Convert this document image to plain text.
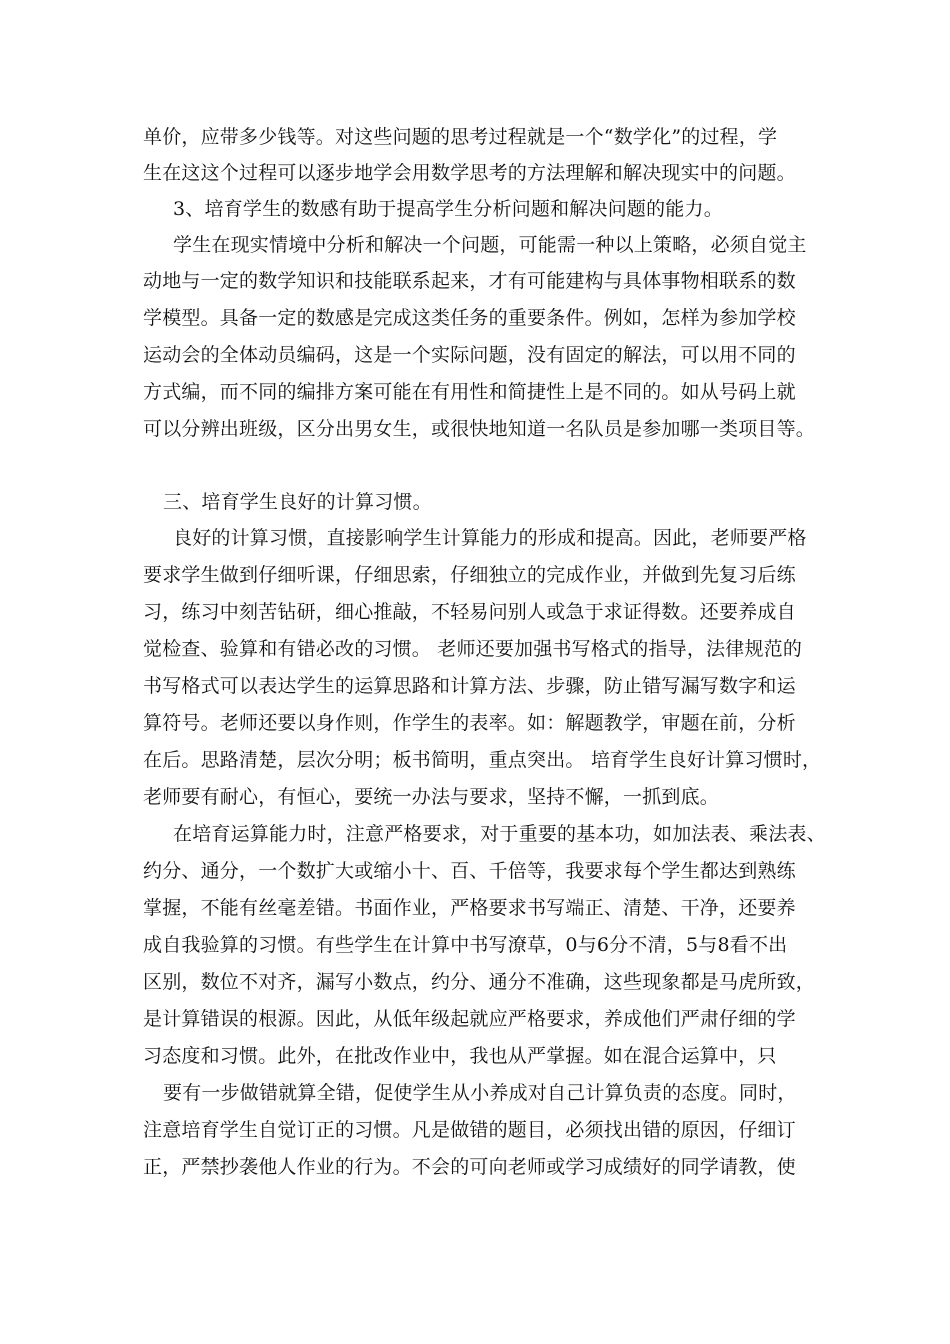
单价，应带多少钱等。对这些问题的思考过程就是一个“数学化”的过程，学
生在这这个过程可以逐步地学会用数学思考的方法理解和解决现实中的问题。
3、培育学生的数感有助于提高学生分析问题和解决问题的能力。
学生在现实情境中分析和解决一个问题，可能需一种以上策略，必须自觉主
动地与一定的数学知识和技能联系起来，才有可能建构与具体事物相联系的数
学模型。具备一定的数感是完成这类任务的重要条件。例如，怎样为参加学校
运动会的全体动员编码，这是一个实际问题，没有固定的解法，可以用不同的
方式编，而不同的编排方案可能在有用性和简捷性上是不同的。如从号码上就
可以分辨出班级，区分出男女生，或很快地知道一名队员是参加哪一类项目等。
三、培育学生良好的计算习惯。
良好的计算习惯，直接影响学生计算能力的形成和提高。因此，老师要严格
要求学生做到仔细听课，仔细思索，仔细独立的完成作业，并做到先复习后练
习，练习中刻苦钻研，细心推敲，不轻易问别人或急于求证得数。还要养成自
觉检查、验算和有错必改的习惯。 老师还要加强书写格式的指导，法律规范的
书写格式可以表达学生的运算思路和计算方法、步骤，防止错写漏写数字和运
算符号。老师还要以身作则，作学生的表率。如：解题教学，审题在前，分析
在后。思路清楚，层次分明；板书简明，重点突出。 培育学生良好计算习惯时，
老师要有耐心，有恒心，要统一办法与要求，坚持不懈，一抓到底。
在培育运算能力时，注意严格要求，对于重要的基本功，如加法表、乘法表、
约分、通分，一个数扩大或缩小十、百、千倍等，我要求每个学生都达到熟练
掌握，不能有丝毫差错。书面作业，严格要求书写端正、清楚、干净，还要养
成自我验算的习惯。有些学生在计算中书写潦草，0与6分不清，5与8看不出
区别，数位不对齐，漏写小数点，约分、通分不准确，这些现象都是马虎所致，
是计算错误的根源。因此，从低年级起就应严格要求，养成他们严肃仔细的学
习态度和习惯。此外，在批改作业中，我也从严掌握。如在混合运算中，只
要有一步做错就算全错，促使学生从小养成对自己计算负责的态度。同时，
注意培育学生自觉订正的习惯。凡是做错的题目，必须找出错的原因，仔细订
正，严禁抄袭他人作业的行为。不会的可向老师或学习成绩好的同学请教，使
